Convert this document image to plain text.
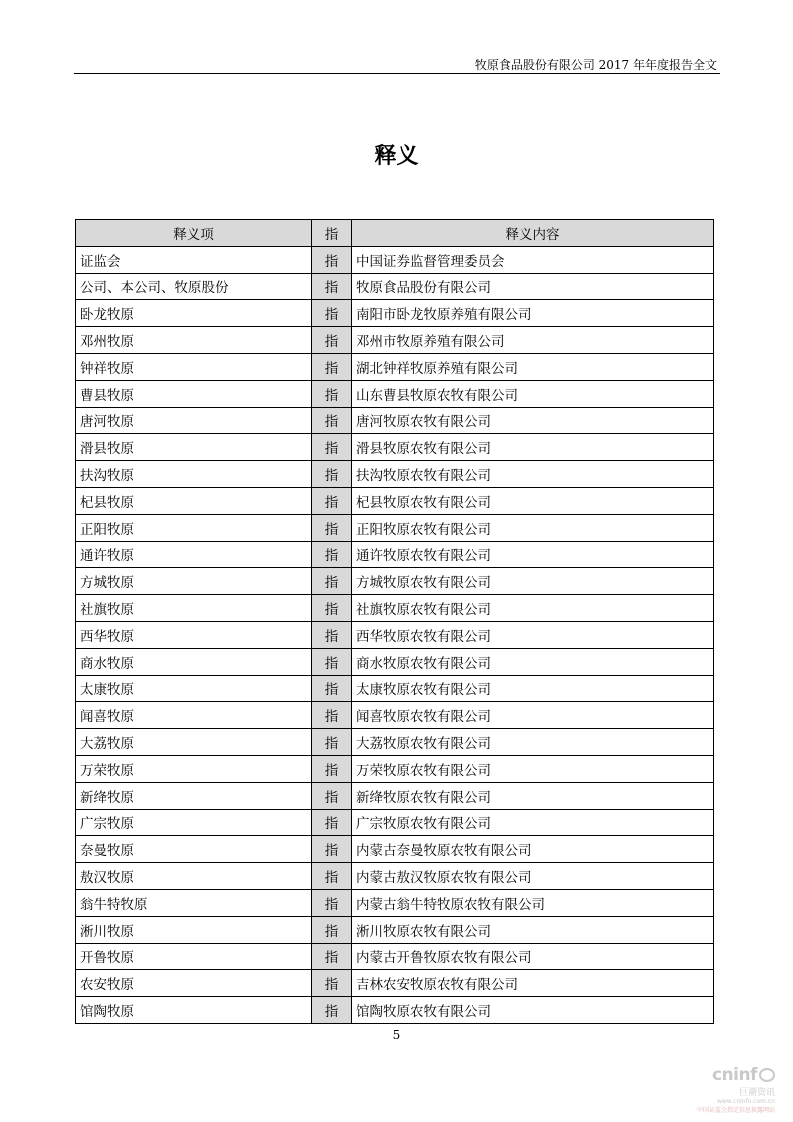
牧原食品股份有限公司 2017 年年度报告全文
释义
释义项	指	释义内容
证监会	指	中国证券监督管理委员会
公司、本公司、牧原股份	指	牧原食品股份有限公司
卧龙牧原	指	南阳市卧龙牧原养殖有限公司
邓州牧原	指	邓州市牧原养殖有限公司
钟祥牧原	指	湖北钟祥牧原养殖有限公司
曹县牧原	指	山东曹县牧原农牧有限公司
唐河牧原	指	唐河牧原农牧有限公司
滑县牧原	指	滑县牧原农牧有限公司
扶沟牧原	指	扶沟牧原农牧有限公司
杞县牧原	指	杞县牧原农牧有限公司
正阳牧原	指	正阳牧原农牧有限公司
通许牧原	指	通许牧原农牧有限公司
方城牧原	指	方城牧原农牧有限公司
社旗牧原	指	社旗牧原农牧有限公司
西华牧原	指	西华牧原农牧有限公司
商水牧原	指	商水牧原农牧有限公司
太康牧原	指	太康牧原农牧有限公司
闻喜牧原	指	闻喜牧原农牧有限公司
大荔牧原	指	大荔牧原农牧有限公司
万荣牧原	指	万荣牧原农牧有限公司
新绛牧原	指	新绛牧原农牧有限公司
广宗牧原	指	广宗牧原农牧有限公司
奈曼牧原	指	内蒙古奈曼牧原农牧有限公司
敖汉牧原	指	内蒙古敖汉牧原农牧有限公司
翁牛特牧原	指	内蒙古翁牛特牧原农牧有限公司
淅川牧原	指	淅川牧原农牧有限公司
开鲁牧原	指	内蒙古开鲁牧原农牧有限公司
农安牧原	指	吉林农安牧原农牧有限公司
馆陶牧原	指	馆陶牧原农牧有限公司
5
cninf
巨潮资讯
www.cninfo.com.cn
中国证监会指定信息披露网站
